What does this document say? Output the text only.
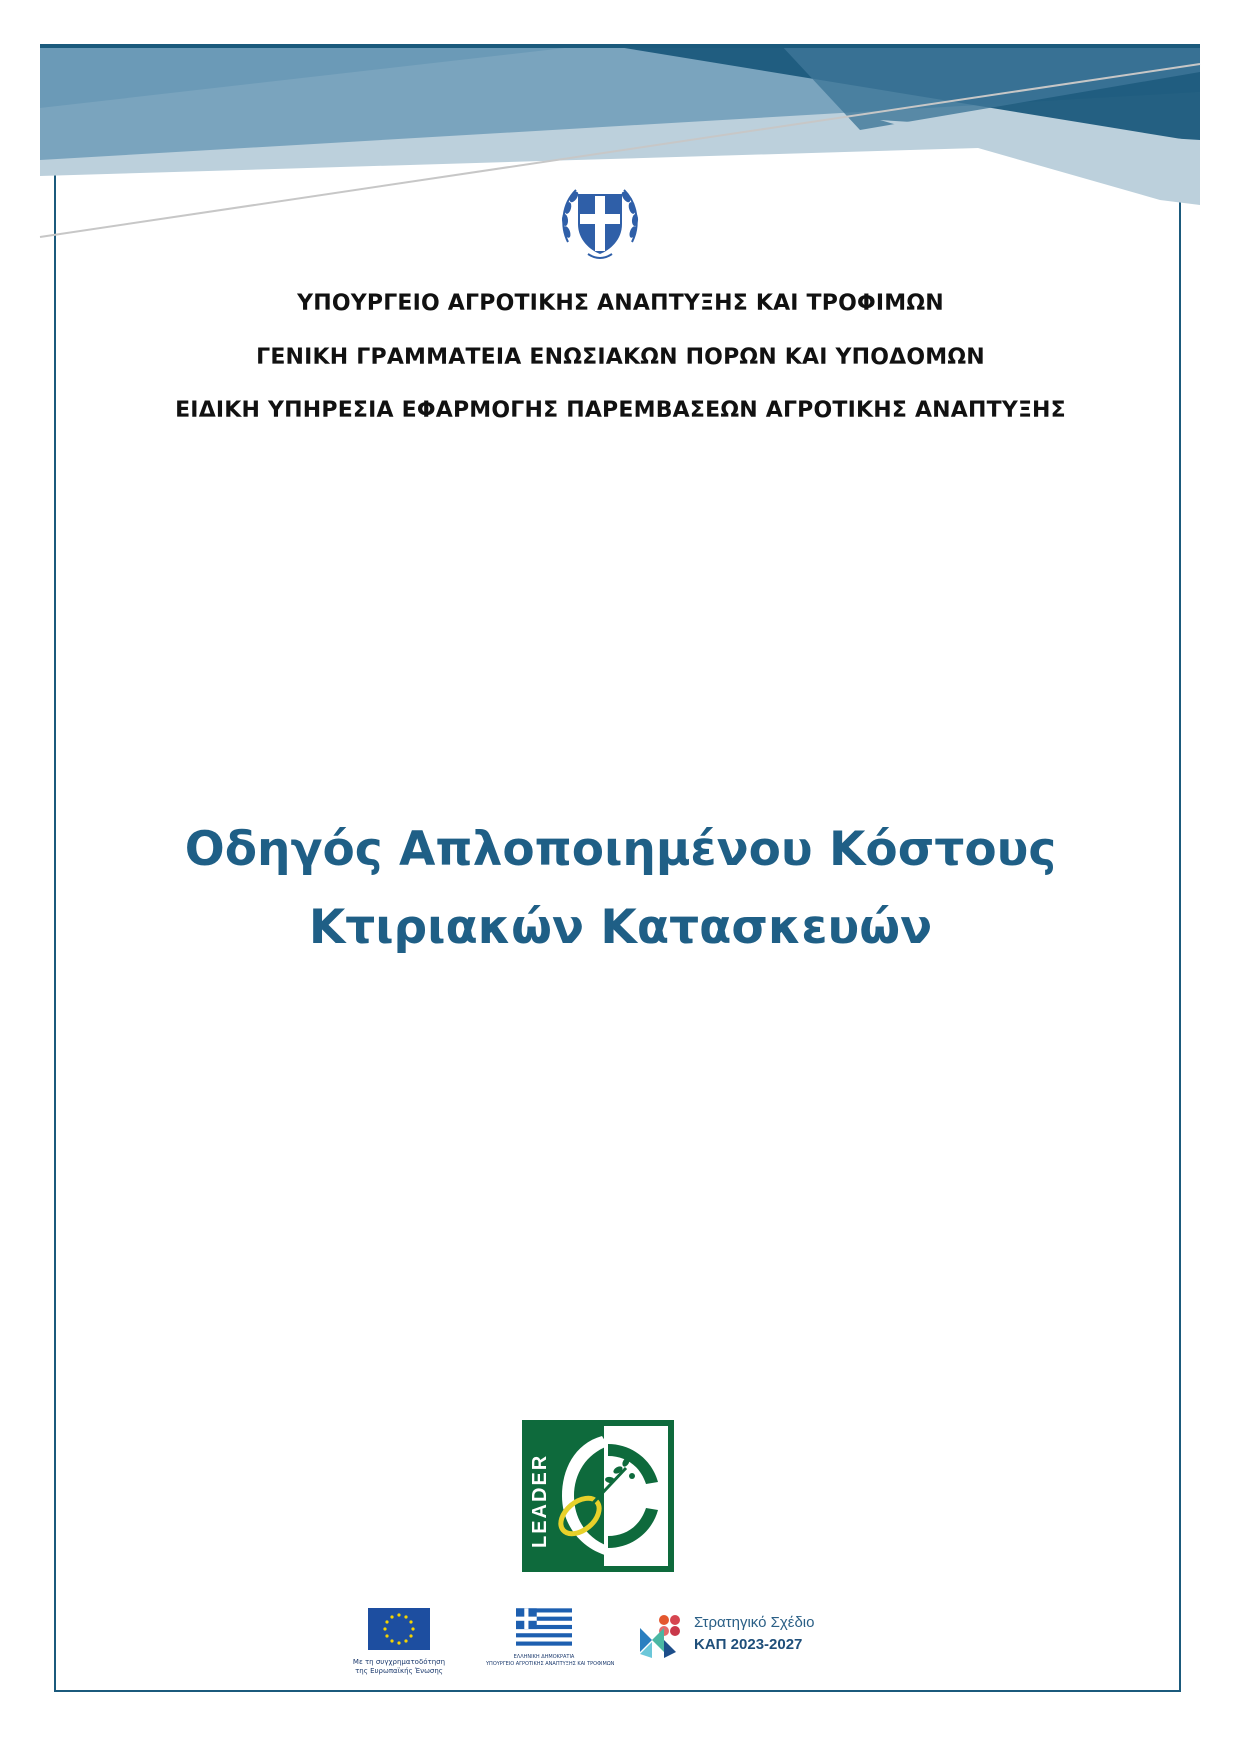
ΥΠΟΥΡΓΕΙΟ ΑΓΡΟΤΙΚΗΣ ΑΝΑΠΤΥΞΗΣ ΚΑΙ ΤΡΟΦΙΜΩΝ
ΓΕΝΙΚΗ ΓΡΑΜΜΑΤΕΙΑ ΕΝΩΣΙΑΚΩΝ ΠΟΡΩΝ ΚΑΙ ΥΠΟΔΟΜΩΝ
ΕΙΔΙΚΗ ΥΠΗΡΕΣΙΑ ΕΦΑΡΜΟΓΗΣ ΠΑΡΕΜΒΑΣΕΩΝ ΑΓΡΟΤΙΚΗΣ ΑΝΑΠΤΥΞΗΣ
Οδηγός Απλοποιημένου Κόστους
Κτιριακών Κατασκευών
LEADER
Με τη συγχρηματοδότηση
της Ευρωπαϊκής Ένωσης
ΕΛΛΗΝΙΚΗ ΔΗΜΟΚΡΑΤΙΑ
ΥΠΟΥΡΓΕΙΟ ΑΓΡΟΤΙΚΗΣ ΑΝΑΠΤΥΞΗΣ ΚΑΙ ΤΡΟΦΙΜΩΝ
Στρατηγικό Σχέδιο
ΚΑΠ 2023-2027
